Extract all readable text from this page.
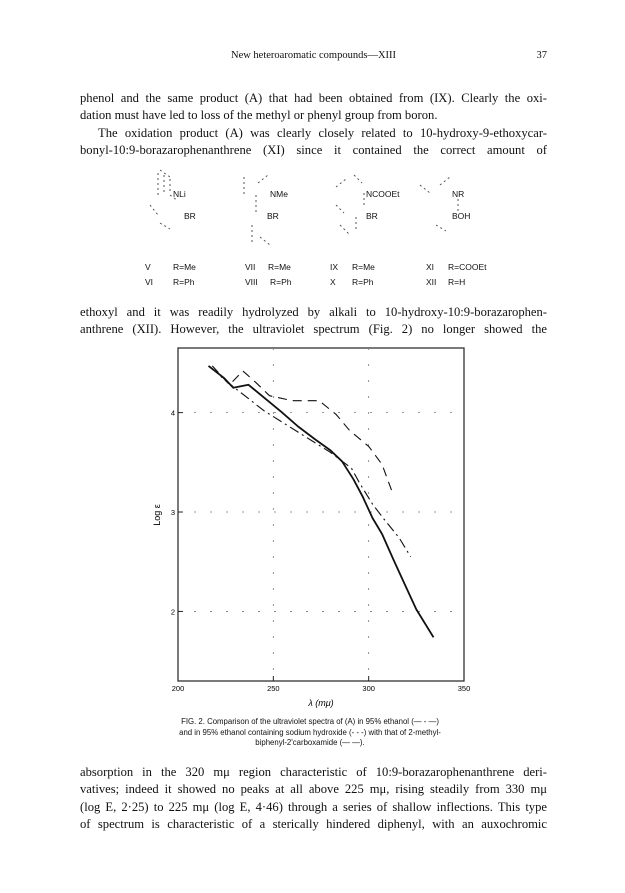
New heteroaromatic compounds—XIII	37
phenol and the same product (A) that had been obtained from (IX). Clearly the oxi-
dation must have led to loss of the methyl or phenyl group from boron.
The oxidation product (A) was clearly closely related to 10-hydroxy-9-ethoxycar-
bonyl-10:9-borazarophenanthrene (XI) since it contained the correct amount of
NLi
BR
NMe
BR
NCOOEt
BR
NR
BOH
V	R=Me
VI R=Ph
VII R=Me
VIII R=Ph
IX R=Me
X R=Ph
XI R=COOEt
XII R=H
ethoxyl and it was readily hydrolyzed by alkali to 10-hydroxy-10:9-borazarophen-
anthrene (XII). However, the ultraviolet spectrum (Fig. 2) no longer showed the
200	250	300	350
2
3
4
Log ε
λ (mμ)
FIG. 2. Comparison of the ultraviolet spectra of (A) in 95% ethanol (— - —)
and in 95% ethanol containing sodium hydroxide (- - -) with that of 2-methyl-
biphenyl-2'carboxamide (— —).
absorption in the 320 mμ region characteristic of 10:9-borazarophenanthrene deri-
vatives; indeed it showed no peaks at all above 225 mμ, rising steadily from 330 mμ
(log E, 2·25) to 225 mμ (log E, 4·46) through a series of shallow inflections. This type
of spectrum is characteristic of a sterically hindered diphenyl, with an auxochromic
